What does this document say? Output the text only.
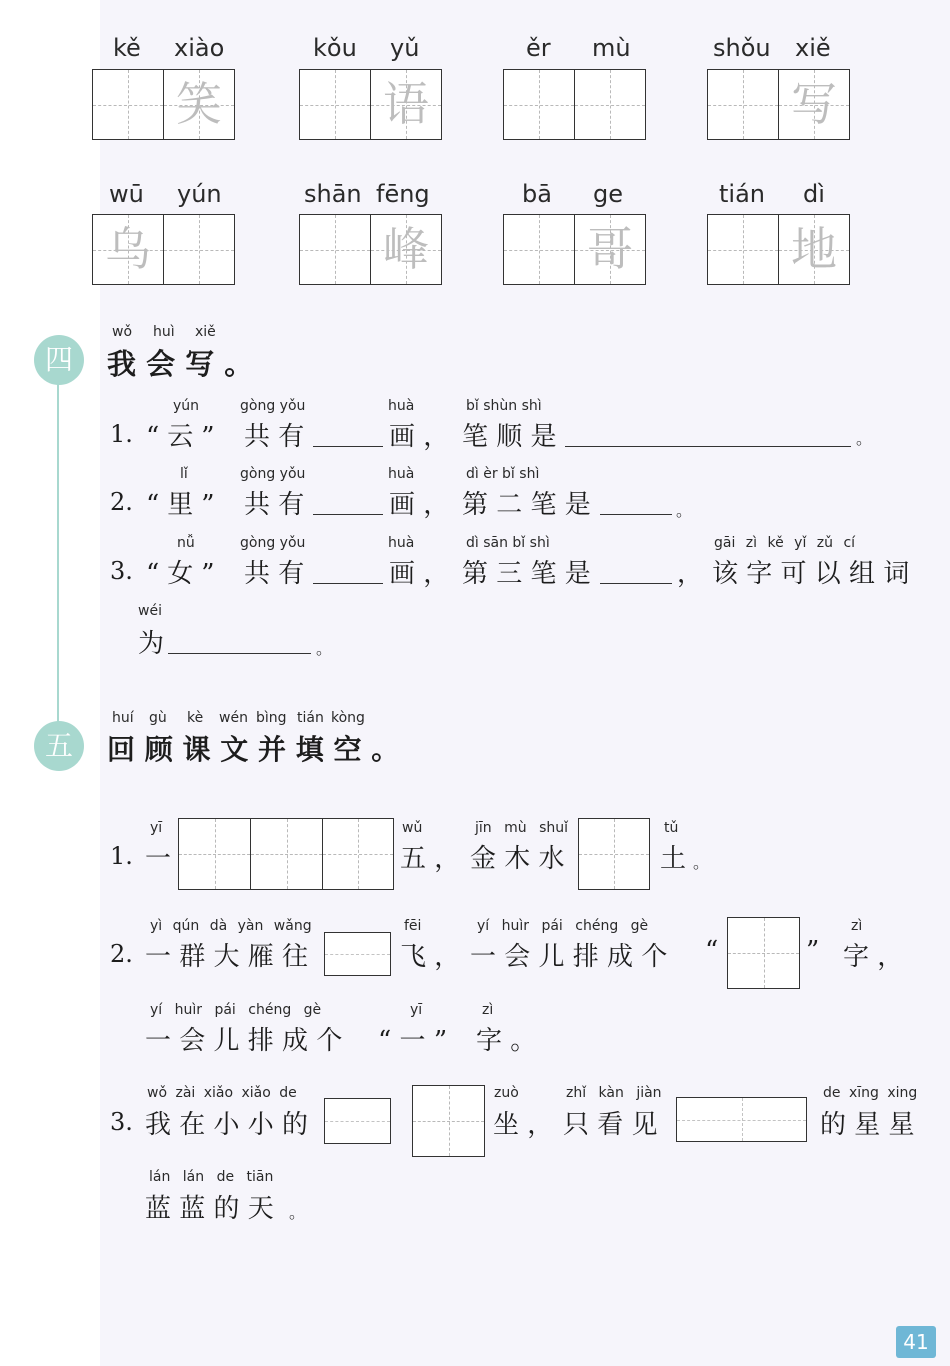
kě xiào
笑
kǒu yǔ
语
ěr mù	shǒu xiě
写
wū yún
乌
shān fēng
峰
bā ge
哥
tián dì
地
四
wǒ huì xiě
我 会 写 。
yún	gòng yǒu	huà	bǐ shùn shì
1. “云” 共 有	画 ， 笔 顺 是	。
lǐ	gòng yǒu	huà	dì èr bǐ shì
2. “里” 共 有	画 ， 第 二 笔 是	。
nǚ	gòng yǒu	huà	dì sān bǐ shì	gāi zì kě yǐ zǔ cí
3. “女” 共 有	画 ， 第 三 笔 是	， 该 字 可 以 组 词
wéi
为	。
五
huí gù kè wén bìng tián kòng
回 顾 课 文 并 填 空 。
yī
1. 一
wǔ
五 ，
jīn mù shuǐ
金 木 水
tǔ
土 。
yì qún dà yàn wǎng
2. 一 群 大 雁 往
fēi
飞 ，
yí huìr pái chéng gè
一 会 儿 排 成 个 “	”
zì
字 ，
yí huìr pái chéng gè
一 会 儿 排 成 个
yī
“ 一 ”
zì
字 。
wǒ zài xiǎo xiǎo de
3. 我 在 小 小 的
zuò
坐 ，
zhǐ kàn jiàn
只 看 见
de xīng xing
的 星 星
lán lán de tiān
蓝 蓝 的 天 。
41
